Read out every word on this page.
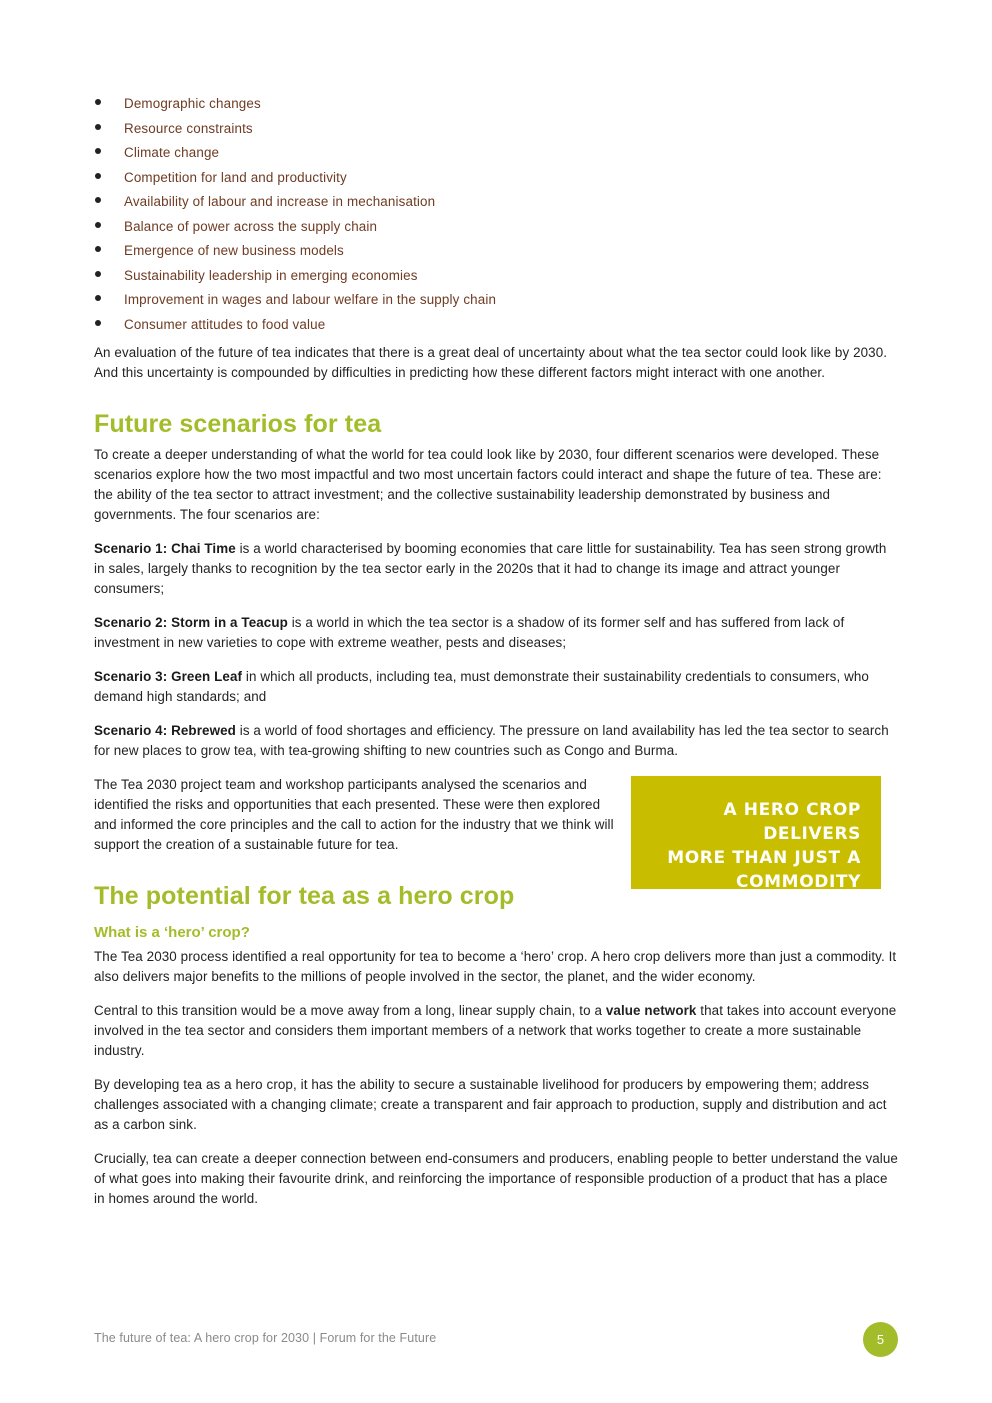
Demographic changes
Resource constraints
Climate change
Competition for land and productivity
Availability of labour and increase in mechanisation
Balance of power across the supply chain
Emergence of new business models
Sustainability leadership in emerging economies
Improvement in wages and labour welfare in the supply chain
Consumer attitudes to food value

An evaluation of the future of tea indicates that there is a great deal of uncertainty about what the tea sector could look like by 2030. And this uncertainty is compounded by difficulties in predicting how these different factors might interact with one another.

Future scenarios for tea

To create a deeper understanding of what the world for tea could look like by 2030, four different scenarios were developed. These scenarios explore how the two most impactful and two most uncertain factors could interact and shape the future of tea. These are: the ability of the tea sector to attract investment; and the collective sustainability leadership demonstrated by business and governments. The four scenarios are:

Scenario 1: Chai Time is a world characterised by booming economies that care little for sustainability. Tea has seen strong growth in sales, largely thanks to recognition by the tea sector early in the 2020s that it had to change its image and attract younger consumers;

Scenario 2: Storm in a Teacup is a world in which the tea sector is a shadow of its former self and has suffered from lack of investment in new varieties to cope with extreme weather, pests and diseases;

Scenario 3: Green Leaf in which all products, including tea, must demonstrate their sustainability credentials to consumers, who demand high standards; and

Scenario 4: Rebrewed is a world of food shortages and efficiency. The pressure on land availability has led the tea sector to search for new places to grow tea, with tea-growing shifting to new countries such as Congo and Burma.

The Tea 2030 project team and workshop participants analysed the scenarios and identified the risks and opportunities that each presented. These were then explored and informed the core principles and the call to action for the industry that we think will support the creation of a sustainable future for tea.

A HERO CROP DELIVERS
MORE THAN JUST A
COMMODITY
The potential for tea as a hero crop
What is a ‘hero’ crop?

The Tea 2030 process identified a real opportunity for tea to become a ‘hero’ crop. A hero crop delivers more than just a commodity. It also delivers major benefits to the millions of people involved in the sector, the planet, and the wider economy.

Central to this transition would be a move away from a long, linear supply chain, to a value network that takes into account everyone involved in the tea sector and considers them important members of a network that works together to create a more sustainable industry.

By developing tea as a hero crop, it has the ability to secure a sustainable livelihood for producers by empowering them; address challenges associated with a changing climate; create a transparent and fair approach to production, supply and distribution and act as a carbon sink.

Crucially, tea can create a deeper connection between end-consumers and producers, enabling people to better understand the value of what goes into making their favourite drink, and reinforcing the importance of responsible production of a product that has a place in homes around the world.

The future of tea: A hero crop for 2030 | Forum for the Future	5
